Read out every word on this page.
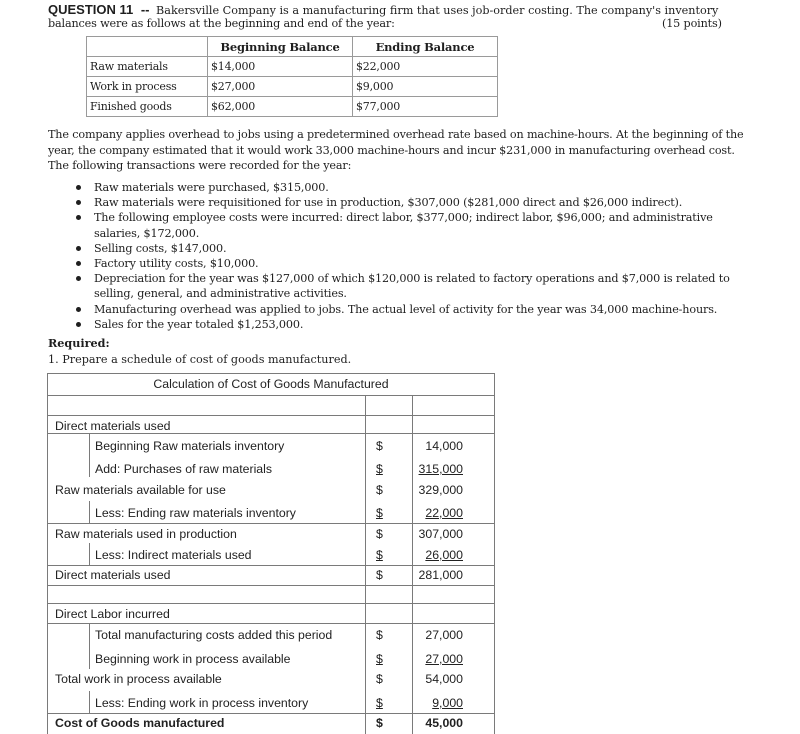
QUESTION 11 -- Bakersville Company is a manufacturing firm that uses job-order costing. The company's inventory
balances were as follows at the beginning and end of the year:	(15 points)
	Beginning Balance	Ending Balance
Raw materials	$14,000	$22,000
Work in process	$27,000	$9,000
Finished goods	$62,000	$77,000
The company applies overhead to jobs using a predetermined overhead rate based on machine-hours. At the beginning of the
year, the company estimated that it would work 33,000 machine-hours and incur $231,000 in manufacturing overhead cost.
The following transactions were recorded for the year:
Raw materials were purchased, $315,000.
Raw materials were requisitioned for use in production, $307,000 ($281,000 direct and $26,000 indirect).
The following employee costs were incurred: direct labor, $377,000; indirect labor, $96,000; and administrative
salaries, $172,000.
Selling costs, $147,000.
Factory utility costs, $10,000.
Depreciation for the year was $127,000 of which $120,000 is related to factory operations and $7,000 is related to
selling, general, and administrative activities.
Manufacturing overhead was applied to jobs. The actual level of activity for the year was 34,000 machine-hours.
Sales for the year totaled $1,253,000.
Required:
1. Prepare a schedule of cost of goods manufactured.
Calculation of Cost of Goods Manufactured
Direct materials used
Beginning Raw materials inventory	$	14,000
Add: Purchases of raw materials	$	315,000
Raw materials available for use	$	329,000
Less: Ending raw materials inventory	$	22,000
Raw materials used in production	$	307,000
Less: Indirect materials used	$	26,000
Direct materials used	$	281,000
Direct Labor incurred
Total manufacturing costs added this period	$	27,000
Beginning work in process available	$	27,000
Total work in process available	$	54,000
Less: Ending work in process inventory	$	9,000
Cost of Goods manufactured	$	45,000
